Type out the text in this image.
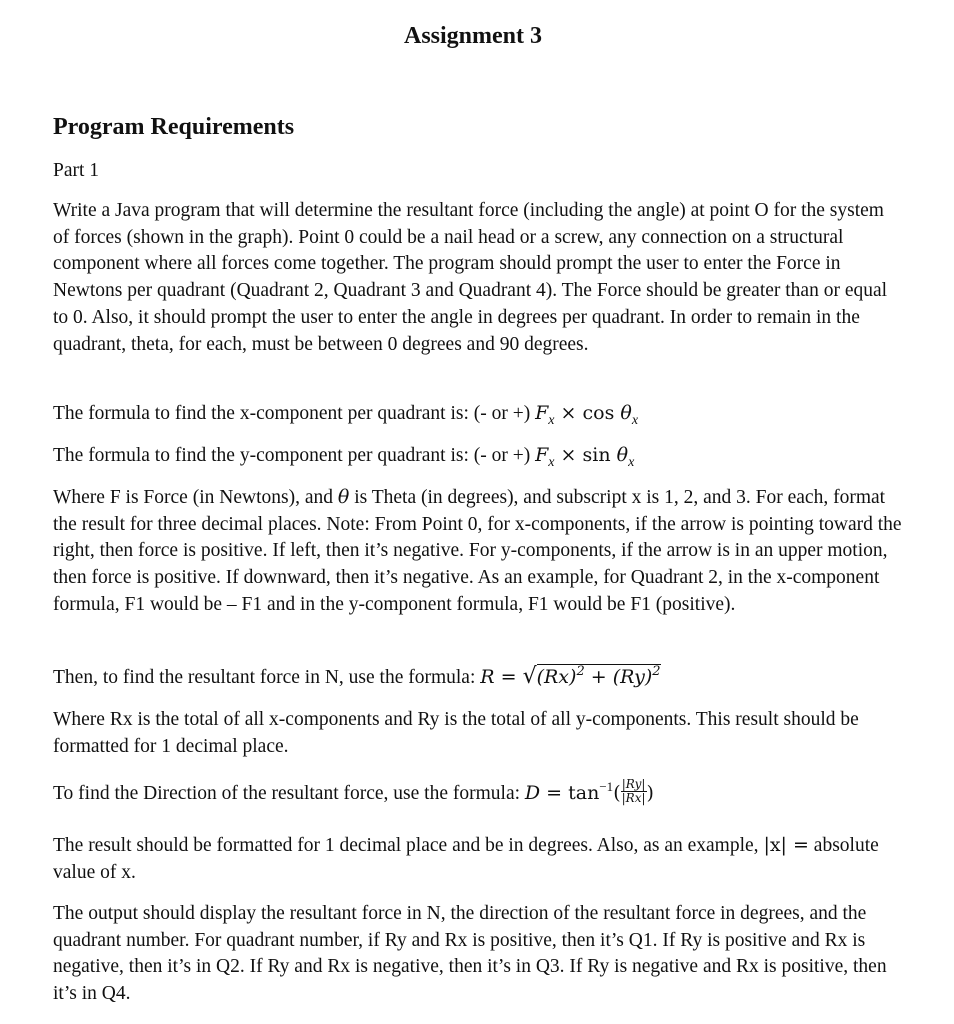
Assignment 3
Program Requirements
Part 1

Write a Java program that will determine the resultant force (including the angle) at point O for the system of forces (shown in the graph). Point 0 could be a nail head or a screw, any connection on a structural component where all forces come together. The program should prompt the user to enter the Force in Newtons per quadrant (Quadrant 2, Quadrant 3 and Quadrant 4). The Force should be greater than or equal to 0. Also, it should prompt the user to enter the angle in degrees per quadrant. In order to remain in the quadrant, theta, for each, must be between 0 degrees and 90 degrees.

The formula to find the x-component per quadrant is: (- or +) $F_x \times \cos \theta_x$

The formula to find the y-component per quadrant is: (- or +) $F_x \times \sin \theta_x$

Where F is Force (in Newtons), and θ is Theta (in degrees), and subscript x is 1, 2, and 3. For each, format the result for three decimal places. Note: From Point 0, for x-components, if the arrow is pointing toward the right, then force is positive. If left, then it’s negative. For y-components, if the arrow is in an upper motion, then force is positive. If downward, then it’s negative. As an example, for Quadrant 2, in the x-component formula, F1 would be – F1 and in the y-component formula, F1 would be F1 (positive).

Then, to find the resultant force in N, use the formula: $R = √(Rx)^2 + (Ry)^2$

Where Rx is the total of all x-components and Ry is the total of all y-components. This result should be formatted for 1 decimal place.

To find the Direction of the resultant force, use the formula: $D = \tan^{-1}( \frac{|Ry|}{|Rx|}$ )

The result should be formatted for 1 decimal place and be in degrees. Also, as an example, |x| = absolute value of x.

The output should display the resultant force in N, the direction of the resultant force in degrees, and the quadrant number. For quadrant number, if Ry and Rx is positive, then it’s Q1. If Ry is positive and Rx is negative, then it’s in Q2. If Ry and Rx is negative, then it’s in Q3. If Ry is negative and Rx is positive, then it’s in Q4.
